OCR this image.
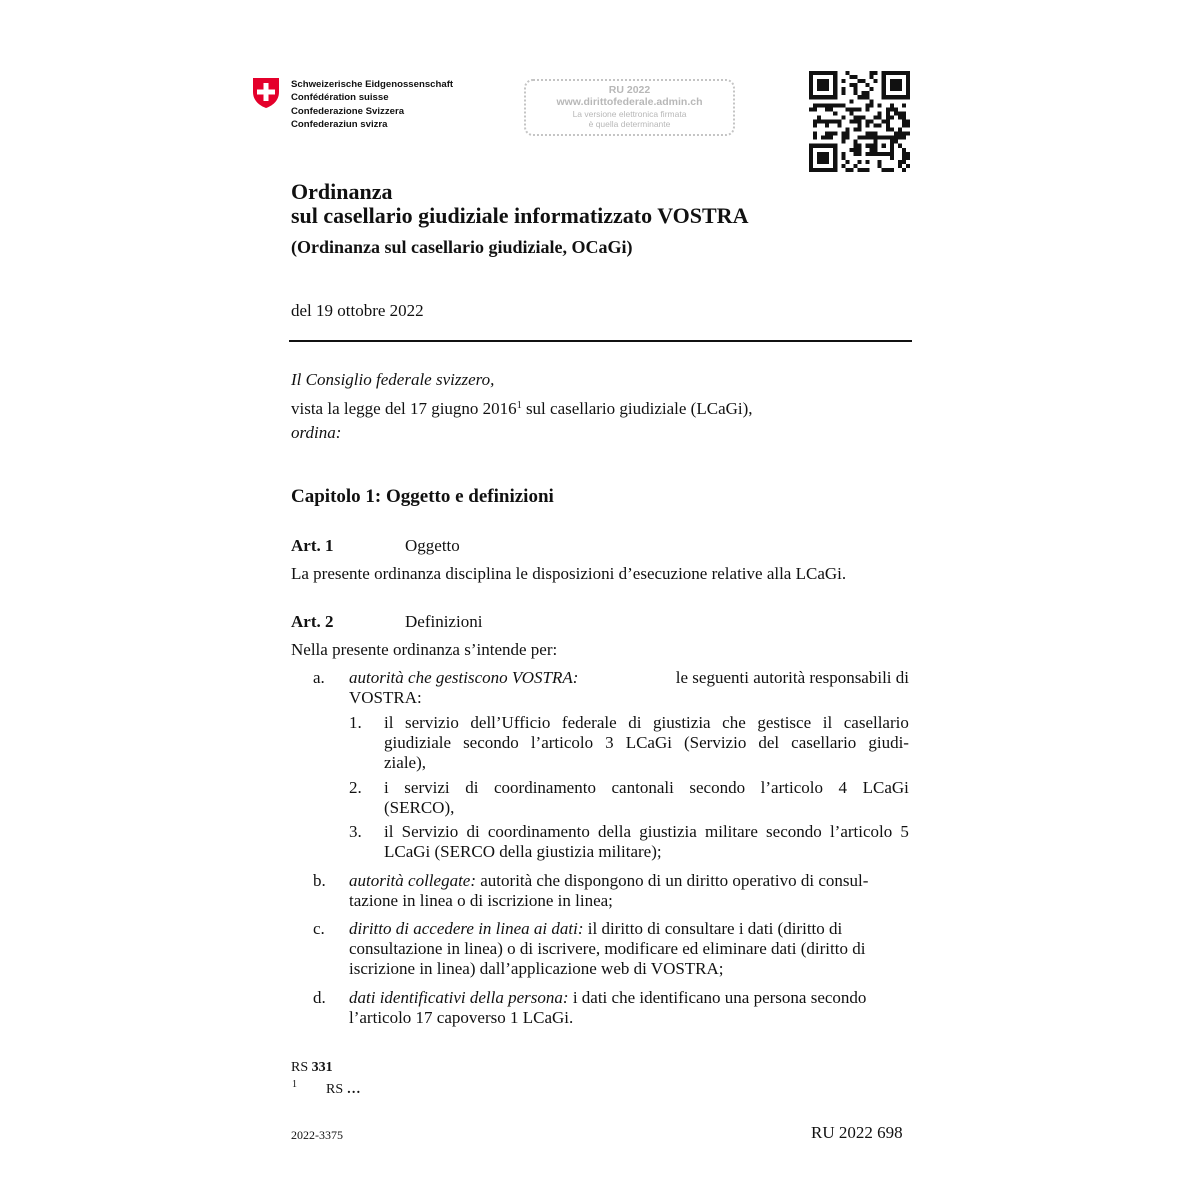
Schweizerische Eidgenossenschaft
Confédération suisse
Confederazione Svizzera
Confederaziun svizra
RU 2022
www.dirittofederale.admin.ch
La versione elettronica firmata
è quella determinante
Ordinanza
sul casellario giudiziale informatizzato VOSTRA
(Ordinanza sul casellario giudiziale, OCaGi)
del 19 ottobre 2022
Il Consiglio federale svizzero,
vista la legge del 17 giugno 2016$^1$ sul casellario giudiziale (LCaGi),
ordina:
Capitolo 1: Oggetto e definizioni
Art. 1	Oggetto
La presente ordinanza disciplina le disposizioni d’esecuzione relative alla LCaGi.
Art. 2	Definizioni
Nella presente ordinanza s’intende per:
a. autorità che gestiscono VOSTRA:	le seguenti autorità responsabili di
VOSTRA:
1. il servizio dell’Ufficio federale di giustizia che gestisce il casellario
giudiziale secondo l’articolo 3 LCaGi (Servizio del casellario giudi-
ziale),
2. i servizi di coordinamento cantonali secondo l’articolo 4 LCaGi
(SERCO),
3. il Servizio di coordinamento della giustizia militare secondo l’articolo 5
LCaGi (SERCO della giustizia militare);
b. autorità collegate: autorità che dispongono di un diritto operativo di consul-
tazione in linea o di iscrizione in linea;
c. diritto di accedere in linea ai dati: il diritto di consultare i dati (diritto di
consultazione in linea) o di iscrivere, modificare ed eliminare dati (diritto di
iscrizione in linea) dall’applicazione web di VOSTRA;
d. dati identificativi della persona: i dati che identificano una persona secondo
l’articolo 17 capoverso 1 LCaGi.
RS 331
1 RS …
2022-3375	RU 2022 698
